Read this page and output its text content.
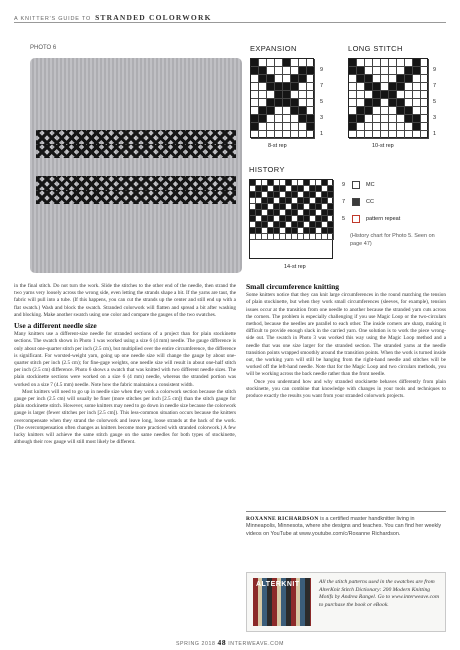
A KNITTER'S GUIDE TO STRANDED COLORWORK
PHOTO 6	EXPANSION	LONG STITCH
HISTORY
9
7
5
3
1
9
7
5
3
1
8-st rep	10-st rep
14-st rep
MC
CC
pattern repeat
9
7
5
(History chart for Photo 5. Seen on page 47)

in the final stitch. Do not turn the work. Slide the stitches to the other end of the needle, then strand the two yarns very loosely across the wrong side, even letting the strands shape a bit. If the yarns are taut, the fabric will pull into a tube. (If this happens, you can cut the strands up the center and still end up with a flat swatch.) Wash and block the swatch. Stranded colorwork will flatten and spread a bit after washing and blocking. Make another swatch using one color and compare the gauges of the two swatches.

Use a different needle size

Many knitters use a different-size needle for stranded sections of a project than for plain stockinette sections. The swatch shown in Photo 1 was worked using a size 6 (4 mm) needle. The gauge difference is only about one-quarter stitch per inch (2.5 cm), but multiplied over the entire circumference, the difference is significant. For worsted-weight yarn, going up one needle size will change the gauge by about one-quarter stitch per inch (2.5 cm); for fine-gage weights, one needle size will result in about one-half stitch per inch (2.5 cm) difference. Photo 6 shows a swatch that was knitted with two different needle sizes. The plain stockinette sections were worked on a size 6 (4 mm) needle, whereas the stranded portion was worked on a size 7 (4.5 mm) needle. Note how the fabric maintains a consistent width.

Most knitters will need to go up in needle size when they work a colorwork section because the stitch gauge per inch (2.5 cm) will usually be finer (more stitches per inch [2.5 cm]) than the stitch gauge for plain stockinette stitch. However, some knitters may need to go down in needle size because the colorwork gauge is larger (fewer stitches per inch [2.5 cm]). This less-common situation occurs because the knitters overcompensate when they strand the colorwork and leave long, loose strands at the back of the work. (The overcompensation often changes as knitters become more practiced with stranded colorwork.) A few lucky knitters will achieve the same stitch gauge on the same needles for both types of stockinette, although their row gauge will still most likely be different.

Small circumference knitting

Some knitters notice that they can knit large circumferences in the round matching the tension of plain stockinette, but when they work small circumferences (sleeves, for example), tension issues occur at the transition from one needle to another because the stranded yarn cuts across the corners. The problem is especially challenging if you use Magic Loop or the two-circulars method, because the needles are parallel to each other. The inside corners are sharp, making it difficult to provide enough slack in the carried yarn. One solution is to work the piece wrong-side out. The swatch in Photo 3 was worked this way using the Magic Loop method and a needle that was one size larger for the stranded section. The stranded yarns at the needle transition points wrapped smoothly around the transition points. When the work is turned inside out, the working yarn will still be hanging from the right-hand needle and stitches will be worked off the left-hand needle. Note that for the Magic Loop and two circulars methods, you will be working across the back needle rather than the front needle.

Once you understand how and why stranded stockinette behaves differently from plain stockinette, you can combine that knowledge with changes in your tools and techniques to produce exactly the results you want from your stranded colorwork projects.

ROXANNE RICHARDSON is a certified master handknitter living in Minneapolis, Minnesota, where she designs and teaches. You can find her weekly videos on YouTube at www.youtube.com/c/Roxanne Richardson.
ALTERKNIT	All the stitch patterns used in the swatches are from AlterKnit Stitch Dictionary: 200 Modern Knitting Motifs by Andrea Rangel. Go to www.interweave.com to purchase the book or eBook.
SPRING 2018 48 INTERWEAVE.COM
